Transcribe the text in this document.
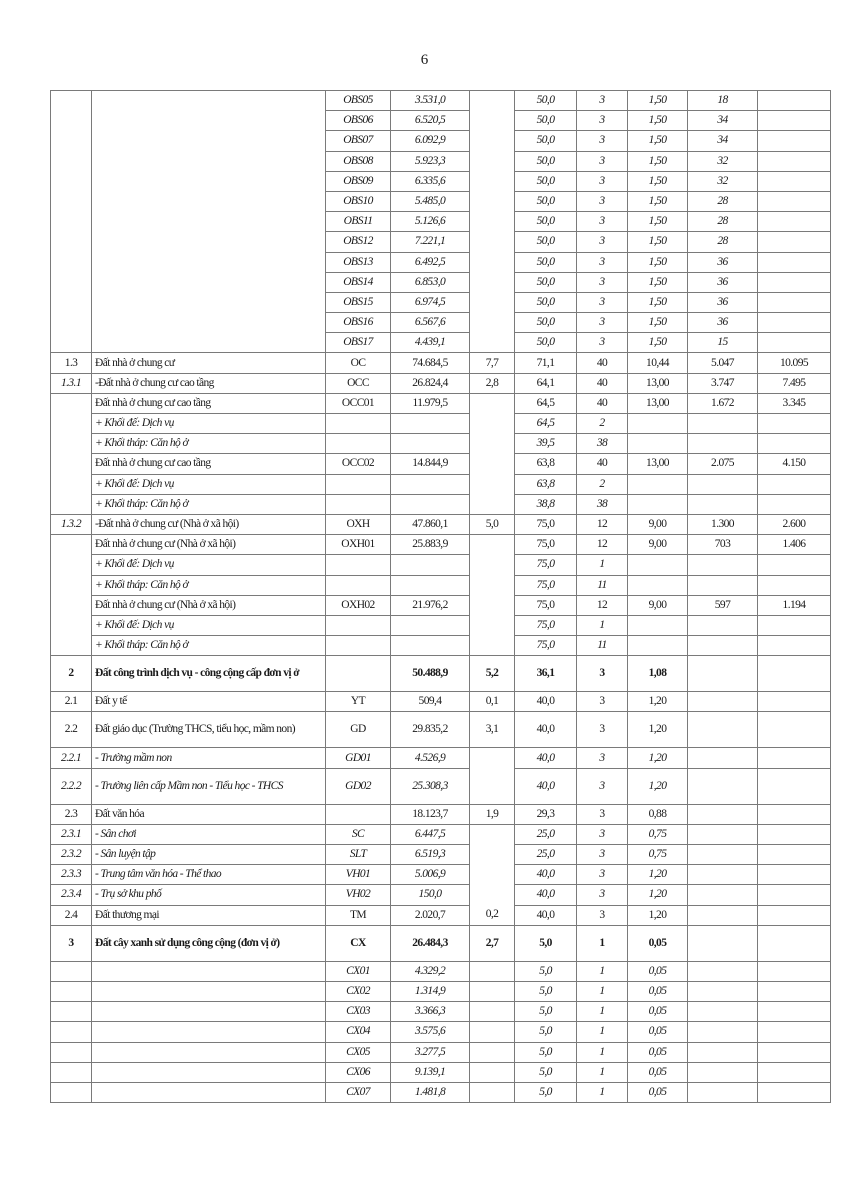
6
		OBS05	3.531,0		50,0	3	1,50	18	
		OBS06	6.520,5		50,0	3	1,50	34	
		OBS07	6.092,9		50,0	3	1,50	34	
		OBS08	5.923,3		50,0	3	1,50	32	
		OBS09	6.335,6		50,0	3	1,50	32	
		OBS10	5.485,0		50,0	3	1,50	28	
		OBS11	5.126,6		50,0	3	1,50	28	
		OBS12	7.221,1		50,0	3	1,50	28	
		OBS13	6.492,5		50,0	3	1,50	36	
		OBS14	6.853,0		50,0	3	1,50	36	
		OBS15	6.974,5		50,0	3	1,50	36	
		OBS16	6.567,6		50,0	3	1,50	36	
		OBS17	4.439,1		50,0	3	1,50	15	
1.3	Đất nhà ở chung cư	OC	74.684,5	7,7	71,1	40	10,44	5.047	10.095
1.3.1	-Đất nhà ở chung cư cao tầng	OCC	26.824,4	2,8	64,1	40	13,00	3.747	7.495
	Đất nhà ở chung cư cao tầng	OCC01	11.979,5		64,5	40	13,00	1.672	3.345
	+ Khối đế: Dịch vụ				64,5	2			
	+ Khối tháp: Căn hộ ở				39,5	38			
	Đất nhà ở chung cư cao tầng	OCC02	14.844,9		63,8	40	13,00	2.075	4.150
	+ Khối đế: Dịch vụ				63,8	2			
	+ Khối tháp: Căn hộ ở				38,8	38			
1.3.2	-Đất nhà ở chung cư (Nhà ở xã hội)	OXH	47.860,1	5,0	75,0	12	9,00	1.300	2.600
	Đất nhà ở chung cư (Nhà ở xã hội)	OXH01	25.883,9		75,0	12	9,00	703	1.406
	+ Khối đế: Dịch vụ				75,0	1			
	+ Khối tháp: Căn hộ ở				75,0	11			
	Đất nhà ở chung cư (Nhà ở xã hội)	OXH02	21.976,2		75,0	12	9,00	597	1.194
	+ Khối đế: Dịch vụ				75,0	1			
	+ Khối tháp: Căn hộ ở				75,0	11			
2	Đất công trình dịch vụ - công cộng cấp đơn vị ở		50.488,9	5,2	36,1	3	1,08		
2.1	Đất y tế	YT	509,4	0,1	40,0	3	1,20		
2.2	Đất giáo dục (Trường THCS, tiểu học, mầm non)	GD	29.835,2	3,1	40,0	3	1,20		
2.2.1	- Trường mầm non	GD01	4.526,9		40,0	3	1,20		
2.2.2	- Trường liên cấp Mầm non - Tiểu học - THCS	GD02	25.308,3		40,0	3	1,20		
2.3	Đất văn hóa		18.123,7	1,9	29,3	3	0,88		
2.3.1	- Sân chơi	SC	6.447,5		25,0	3	0,75		
2.3.2	- Sân luyện tập	SLT	6.519,3		25,0	3	0,75		
2.3.3	- Trung tâm văn hóa - Thể thao	VH01	5.006,9		40,0	3	1,20		
2.3.4	- Trụ sở khu phố	VH02	150,0		40,0	3	1,20		
2.4	Đất thương mại	TM	2.020,7	0,2	40,0	3	1,20		
3	Đất cây xanh sử dụng công cộng (đơn vị ở)	CX	26.484,3	2,7	5,0	1	0,05		
		CX01	4.329,2		5,0	1	0,05		
		CX02	1.314,9		5,0	1	0,05		
		CX03	3.366,3		5,0	1	0,05		
		CX04	3.575,6		5,0	1	0,05		
		CX05	3.277,5		5,0	1	0,05		
		CX06	9.139,1		5,0	1	0,05		
		CX07	1.481,8		5,0	1	0,05		
